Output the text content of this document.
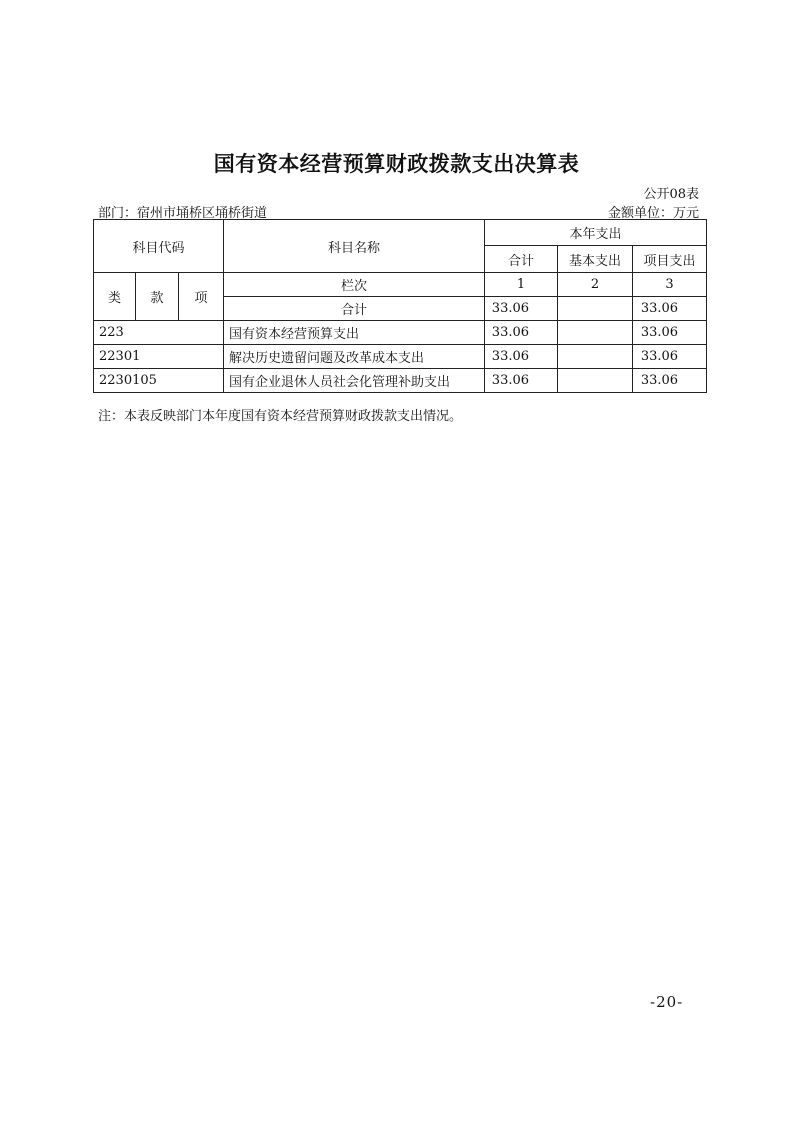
国有资本经营预算财政拨款支出决算表
公开08表
部门：宿州市埇桥区埇桥街道	金额单位：万元
科目代码			科目名称	本年支出		
				合计	基本支出	项目支出
类	款	项	栏次	1	2	3
			合计	33.06		33.06
223			国有资本经营预算支出	33.06		33.06
22301			解决历史遗留问题及改革成本支出	33.06		33.06
2230105			国有企业退休人员社会化管理补助支出	33.06		33.06
注：本表反映部门本年度国有资本经营预算财政拨款支出情况。
-20-
